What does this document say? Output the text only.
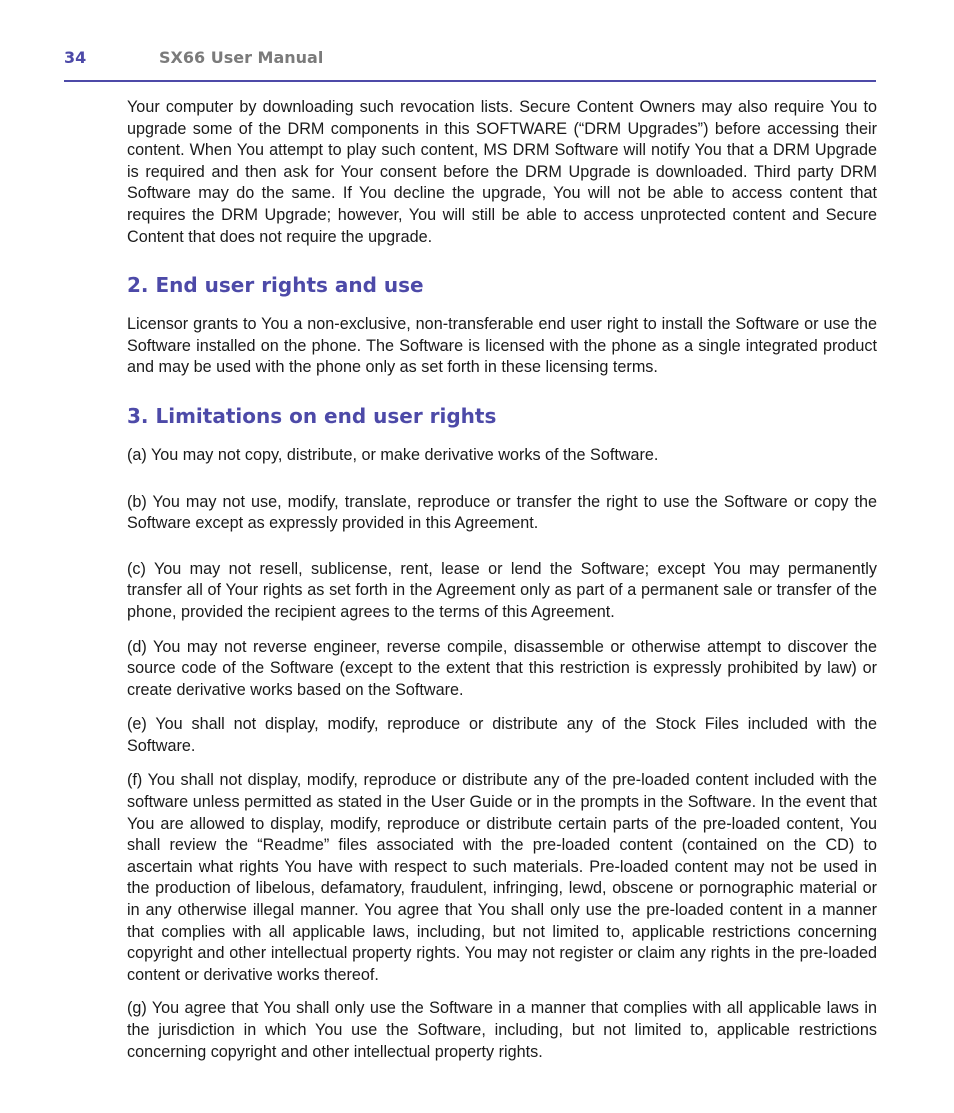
34	SX66 User Manual

Your computer by downloading such revocation lists. Secure Content Owners may also require You to upgrade some of the DRM components in this SOFTWARE (“DRM Upgrades”) before accessing their content. When You attempt to play such content, MS DRM Software will notify You that a DRM Upgrade is required and then ask for Your consent before the DRM Upgrade is downloaded. Third party DRM Software may do the same. If You decline the upgrade, You will not be able to access content that requires the DRM Upgrade; however, You will still be able to access unprotected content and Secure Content that does not require the upgrade.

2. End user rights and use

Licensor grants to You a non-exclusive, non-transferable end user right to install the Software or use the Software installed on the phone. The Software is licensed with the phone as a single integrated product and may be used with the phone only as set forth in these licensing terms.

3. Limitations on end user rights

(a) You may not copy, distribute, or make derivative works of the Software.

(b) You may not use, modify, translate, reproduce or transfer the right to use the Software or copy the Software except as expressly provided in this Agreement.

(c) You may not resell, sublicense, rent, lease or lend the Software; except You may permanently transfer all of Your rights as set forth in the Agreement only as part of a permanent sale or transfer of the phone, provided the recipient agrees to the terms of this Agreement.

(d) You may not reverse engineer, reverse compile, disassemble or otherwise attempt to discover the source code of the Software (except to the extent that this restriction is expressly prohibited by law) or create derivative works based on the Software.

(e) You shall not display, modify, reproduce or distribute any of the Stock Files included with the Software.

(f) You shall not display, modify, reproduce or distribute any of the pre-loaded content included with the software unless permitted as stated in the User Guide or in the prompts in the Software. In the event that You are allowed to display, modify, reproduce or distribute certain parts of the pre-loaded content, You shall review the “Readme” files associated with the pre-loaded content (contained on the CD) to ascertain what rights You have with respect to such materials. Pre-loaded content may not be used in the production of libelous, defamatory, fraudulent, infringing, lewd, obscene or pornographic material or in any otherwise illegal manner. You agree that You shall only use the pre-loaded content in a manner that complies with all applicable laws, including, but not limited to, applicable restrictions concerning copyright and other intellectual property rights. You may not register or claim any rights in the pre-loaded content or derivative works thereof.

(g) You agree that You shall only use the Software in a manner that complies with all applicable laws in the jurisdiction in which You use the Software, including, but not limited to, applicable restrictions concerning copyright and other intellectual property rights.
